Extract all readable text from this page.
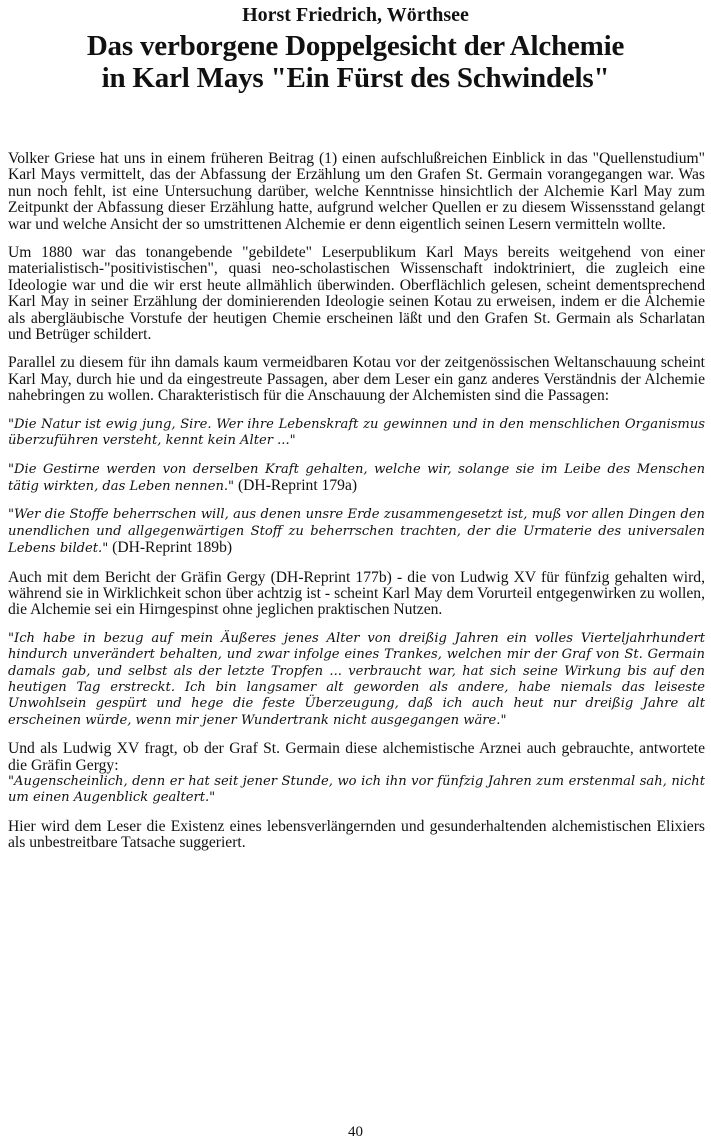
Horst Friedrich, Wörthsee
Das verborgene Doppelgesicht der Alchemie
in Karl Mays "Ein Fürst des Schwindels"

Volker Griese hat uns in einem früheren Beitrag (1) einen aufschlußreichen Einblick in das "Quellenstudium" Karl Mays vermittelt, das der Abfassung der Erzählung um den Grafen St. Germain vorangegangen war. Was nun noch fehlt, ist eine Untersuchung darüber, welche Kenntnisse hinsichtlich der Alchemie Karl May zum Zeitpunkt der Abfassung dieser Erzählung hatte, aufgrund welcher Quellen er zu diesem Wissensstand gelangt war und welche Ansicht der so umstrittenen Alchemie er denn eigentlich seinen Lesern vermitteln wollte.

Um 1880 war das tonangebende "gebildete" Leserpublikum Karl Mays bereits weitgehend von einer materialistisch-"positivistischen", quasi neo-scholastischen Wissenschaft indoktriniert, die zugleich eine Ideologie war und die wir erst heute allmählich überwinden. Oberflächlich gelesen, scheint dementsprechend Karl May in seiner Erzählung der dominierenden Ideologie seinen Kotau zu erweisen, indem er die Alchemie als abergläubische Vorstufe der heutigen Chemie erscheinen läßt und den Grafen St. Germain als Scharlatan und Betrüger schildert.

Parallel zu diesem für ihn damals kaum vermeidbaren Kotau vor der zeitgenössischen Weltanschauung scheint Karl May, durch hie und da eingestreute Passagen, aber dem Leser ein ganz anderes Verständnis der Alchemie nahebringen zu wollen. Charakteristisch für die Anschauung der Alchemisten sind die Passagen:

"Die Natur ist ewig jung, Sire. Wer ihre Lebenskraft zu gewinnen und in den menschlichen Organismus überzuführen versteht, kennt kein Alter ..."

"Die Gestirne werden von derselben Kraft gehalten, welche wir, solange sie im Leibe des Menschen tätig wirkten, das Leben nennen." (DH-Reprint 179a)

"Wer die Stoffe beherrschen will, aus denen unsre Erde zusammengesetzt ist, muß vor allen Dingen den unendlichen und allgegenwärtigen Stoff zu beherrschen trachten, der die Urmaterie des universalen Lebens bildet." (DH-Reprint 189b)

Auch mit dem Bericht der Gräfin Gergy (DH-Reprint 177b) - die von Ludwig XV für fünfzig gehalten wird, während sie in Wirklichkeit schon über achtzig ist - scheint Karl May dem Vorurteil entgegenwirken zu wollen, die Alchemie sei ein Hirngespinst ohne jeglichen praktischen Nutzen.

"Ich habe in bezug auf mein Äußeres jenes Alter von dreißig Jahren ein volles Vierteljahrhundert hindurch unverändert behalten, und zwar infolge eines Trankes, welchen mir der Graf von St. Germain damals gab, und selbst als der letzte Tropfen ... verbraucht war, hat sich seine Wirkung bis auf den heutigen Tag erstreckt. Ich bin langsamer alt geworden als andere, habe niemals das leiseste Unwohlsein gespürt und hege die feste Überzeugung, daß ich auch heut nur dreißig Jahre alt erscheinen würde, wenn mir jener Wundertrank nicht ausgegangen wäre."

Und als Ludwig XV fragt, ob der Graf St. Germain diese alchemistische Arznei auch gebrauchte, antwortete die Gräfin Gergy:

"Augenscheinlich, denn er hat seit jener Stunde, wo ich ihn vor fünfzig Jahren zum erstenmal sah, nicht um einen Augenblick gealtert."

Hier wird dem Leser die Existenz eines lebensverlängernden und gesunderhaltenden alchemistischen Elixiers als unbestreitbare Tatsache suggeriert.

40
